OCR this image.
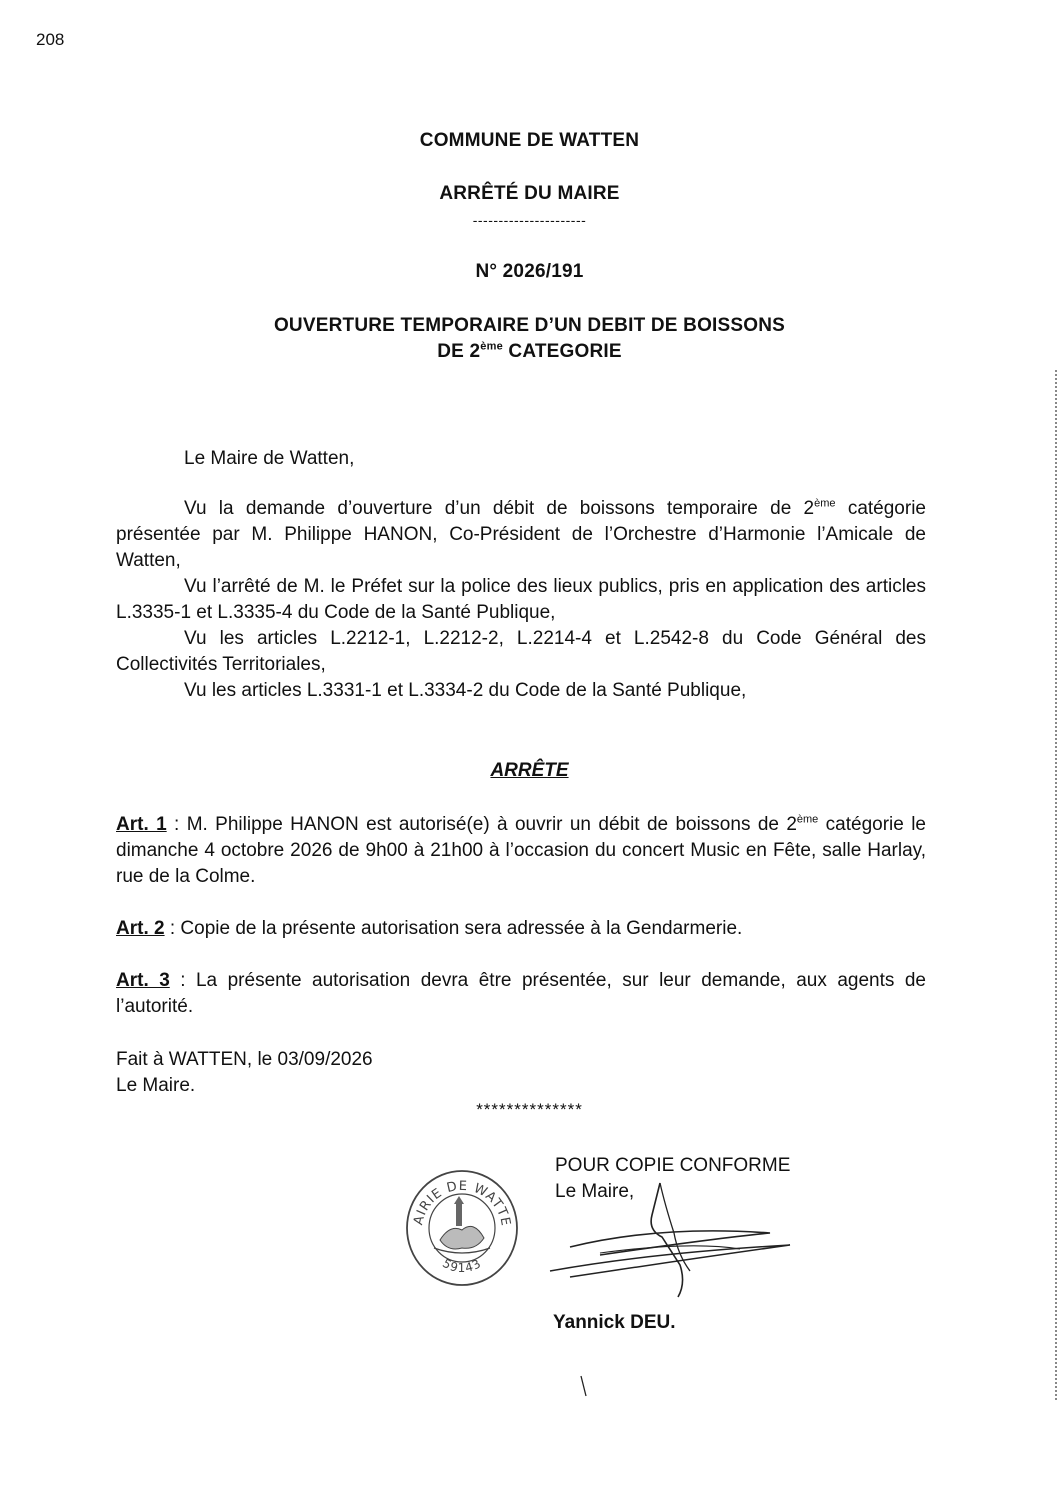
208
COMMUNE DE WATTEN
ARRÊTÉ DU MAIRE
----------------------
N° 2026/191
OUVERTURE TEMPORAIRE D’UN DEBIT DE BOISSONS
DE 2ème CATEGORIE
Le Maire de Watten,

Vu la demande d’ouverture d’un débit de boissons temporaire de 2ème catégorie présentée par M. Philippe HANON, Co-Président de l’Orchestre d’Harmonie l’Amicale de Watten,

Vu l’arrêté de M. le Préfet sur la police des lieux publics, pris en application des articles L.3335-1 et L.3335-4 du Code de la Santé Publique,

Vu les articles L.2212-1, L.2212-2, L.2214-4 et L.2542-8 du Code Général des Collectivités Territoriales,

Vu les articles L.3331-1 et L.3334-2 du Code de la Santé Publique,

ARRÊTE

Art. 1 : M. Philippe HANON est autorisé(e) à ouvrir un débit de boissons de 2ème catégorie le dimanche 4 octobre 2026 de 9h00 à 21h00 à l’occasion du concert Music en Fête, salle Harlay, rue de la Colme.

Art. 2 : Copie de la présente autorisation sera adressée à la Gendarmerie.

Art. 3 : La présente autorisation devra être présentée, sur leur demande, aux agents de l’autorité.

Fait à WATTEN, le 03/09/2026

Le Maire.

**************
POUR COPIE CONFORME
Le Maire,
AIRIE DE WATTE
59143
Yannick DEU.
